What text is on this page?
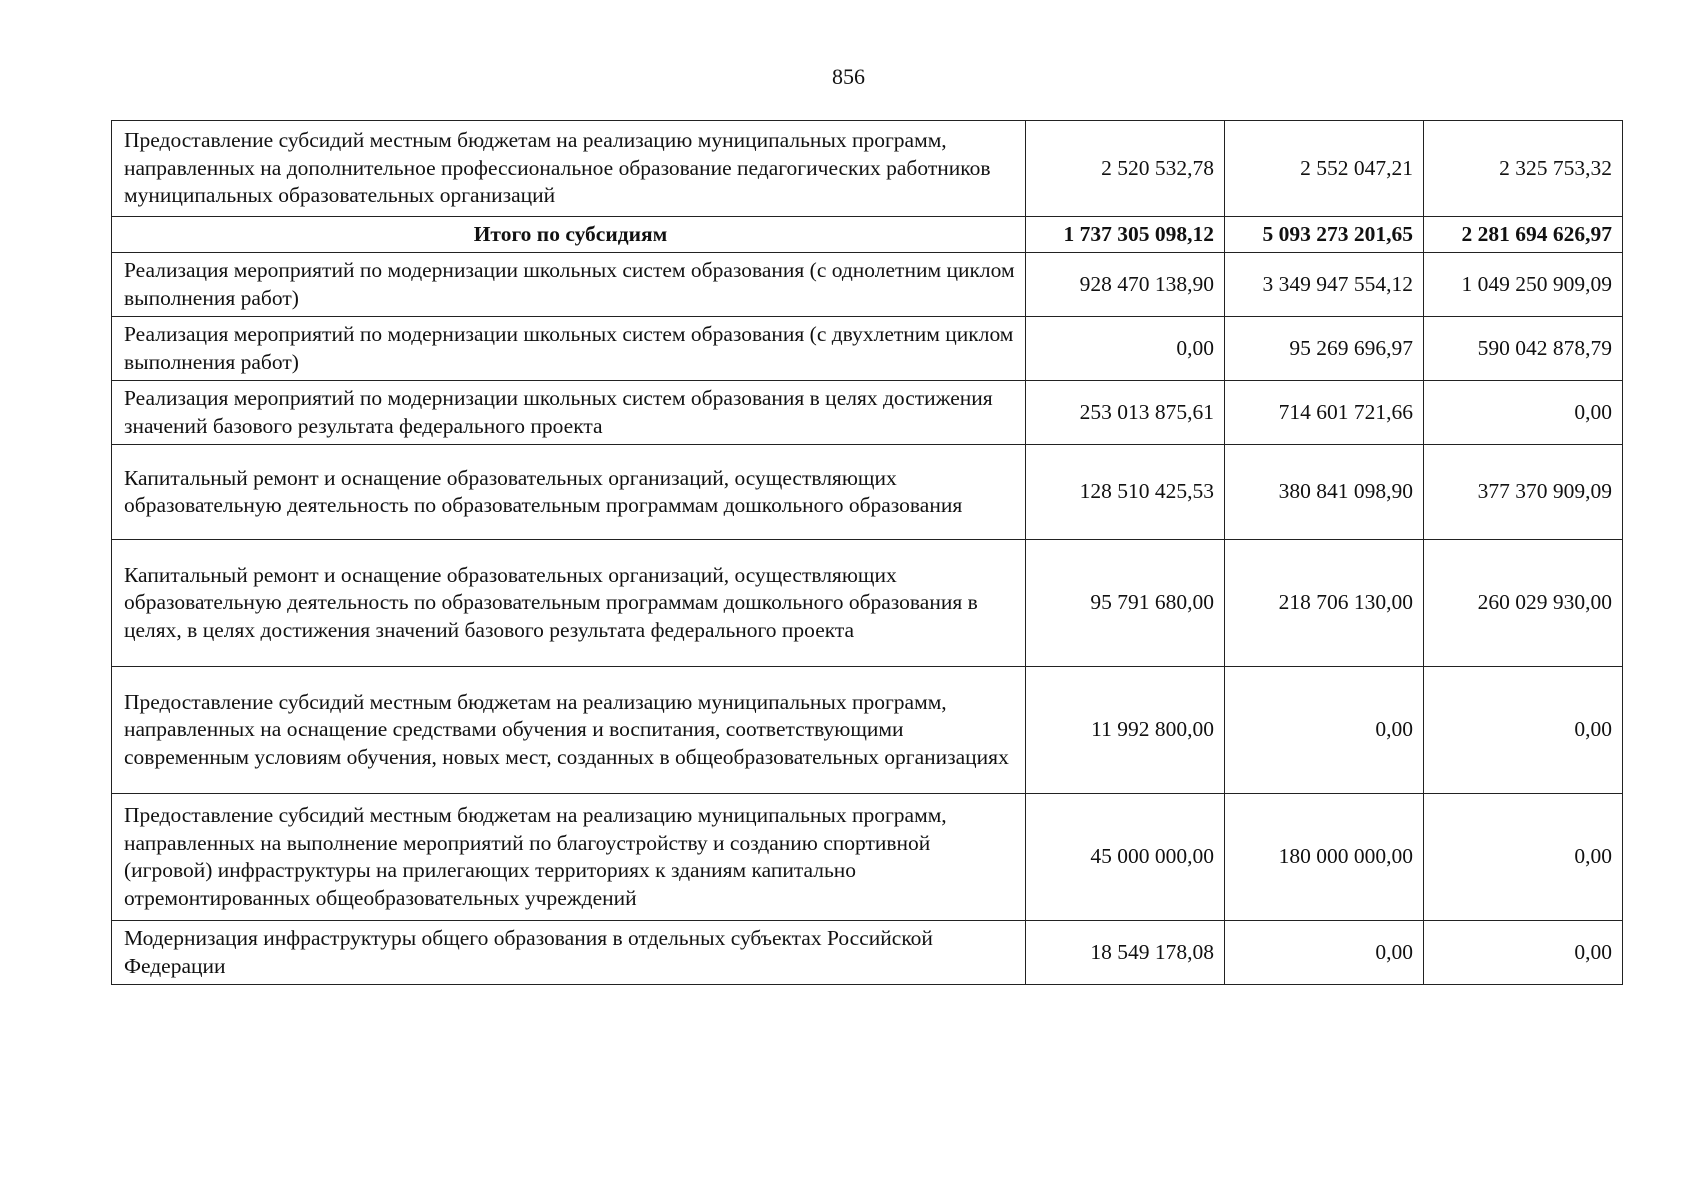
856
Предоставление субсидий местным бюджетам на реализацию муниципальных программ, направленных на дополнительное профессиональное образование педагогических работников муниципальных образовательных организаций	2 520 532,78	2 552 047,21	2 325 753,32
Итого по субсидиям	1 737 305 098,12	5 093 273 201,65	2 281 694 626,97
Реализация мероприятий по модернизации школьных систем образования (с однолетним циклом выполнения работ)	928 470 138,90	3 349 947 554,12	1 049 250 909,09
Реализация мероприятий по модернизации школьных систем образования (с двухлетним циклом выполнения работ)	0,00	95 269 696,97	590 042 878,79
Реализация мероприятий по модернизации школьных систем образования в целях достижения значений базового результата федерального проекта	253 013 875,61	714 601 721,66	0,00
Капитальный ремонт и оснащение образовательных организаций, осуществляющих образовательную деятельность по образовательным программам дошкольного образования	128 510 425,53	380 841 098,90	377 370 909,09
Капитальный ремонт и оснащение образовательных организаций, осуществляющих образовательную деятельность по образовательным программам дошкольного образования в целях, в целях достижения значений базового результата федерального проекта	95 791 680,00	218 706 130,00	260 029 930,00
Предоставление субсидий местным бюджетам на реализацию муниципальных программ, направленных на оснащение средствами обучения и воспитания, соответствующими современным условиям обучения, новых мест, созданных в общеобразовательных организациях	11 992 800,00	0,00	0,00
Предоставление субсидий местным бюджетам на реализацию муниципальных программ, направленных на выполнение мероприятий по благоустройству и созданию спортивной (игровой) инфраструктуры на прилегающих территориях к зданиям капитально отремонтированных общеобразовательных учреждений	45 000 000,00	180 000 000,00	0,00
Модернизация инфраструктуры общего образования в отдельных субъектах Российской Федерации	18 549 178,08	0,00	0,00
